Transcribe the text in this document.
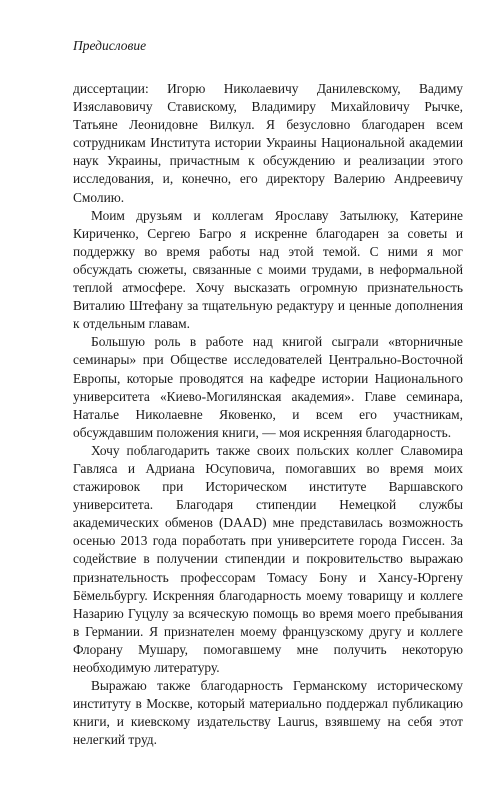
Предисловие

диссертации: Игорю Николаевичу Данилевскому, Вадиму Изяславовичу Ставискому, Владимиру Михайловичу Рычке, Татьяне Леонидовне Вилкул. Я безусловно благодарен всем сотрудникам Института истории Украины Национальной академии наук Украины, причастным к обсуждению и реализации этого исследования, и, конечно, его директору Валерию Андреевичу Смолию.

Моим друзьям и коллегам Ярославу Затылюку, Катерине Кириченко, Сергею Багро я искренне благодарен за советы и поддержку во время работы над этой темой. С ними я мог обсуждать сюжеты, связанные с моими трудами, в неформальной теплой атмосфере. Хочу высказать огромную признательность Виталию Штефану за тщательную редактуру и ценные дополнения к отдельным главам.

Большую роль в работе над книгой сыграли «вторничные семинары» при Обществе исследователей Центрально-Восточной Европы, которые проводятся на кафедре истории Национального университета «Киево-Могилянская академия». Главе семинара, Наталье Николаевне Яковенко, и всем его участникам, обсуждавшим положения книги, — моя искренняя благодарность.

Хочу поблагодарить также своих польских коллег Славомира Гавляса и Адриана Юсуповича, помогавших во время моих стажировок при Историческом институте Варшавского университета. Благодаря стипендии Немецкой службы академических обменов (DAAD) мне представилась возможность осенью 2013 года поработать при университете города Гиссен. За содействие в получении стипендии и покровительство выражаю признательность профессорам Томасу Бону и Хансу-Юргену Бёмельбургу. Искренняя благодарность моему товарищу и коллеге Назарию Гуцулу за всяческую помощь во время моего пребывания в Германии. Я признателен моему французскому другу и коллеге Флорану Мушару, помогавшему мне получить некоторую необходимую литературу.

Выражаю также благодарность Германскому историческому институту в Москве, который материально поддержал публикацию книги, и киевскому издательству Laurus, взявшему на себя этот нелегкий труд.
